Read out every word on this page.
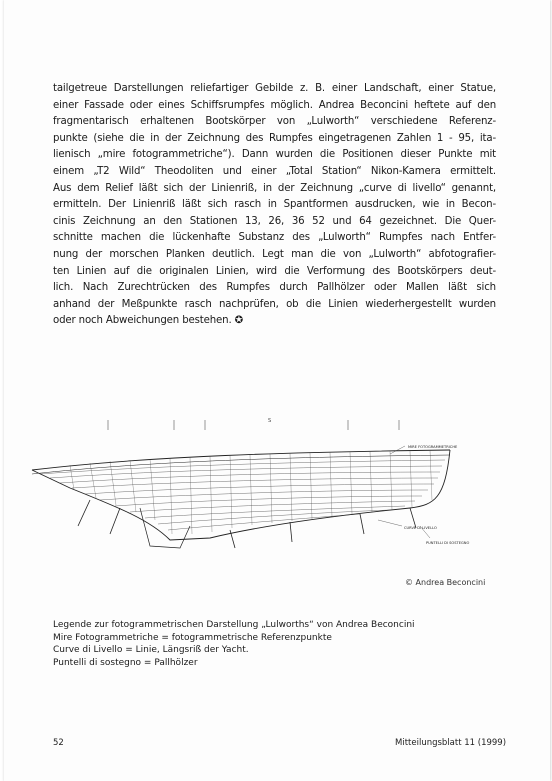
tailgetreue Darstellungen reliefartiger Gebilde z. B. einer Landschaft, einer Statue,
einer Fassade oder eines Schiffsrumpfes möglich. Andrea Beconcini heftete auf den
fragmentarisch erhaltenen Bootskörper von „Lulworth“ verschiedene Referenz-
punkte (siehe die in der Zeichnung des Rumpfes eingetragenen Zahlen 1 - 95, ita-
lienisch „mire fotogrammetriche“). Dann wurden die Positionen dieser Punkte mit
einem „T2 Wild“ Theodoliten und einer „Total Station“ Nikon-Kamera ermittelt.
Aus dem Relief läßt sich der Linienriß, in der Zeichnung „curve di livello“ genannt,
ermitteln. Der Linienriß läßt sich rasch in Spantformen ausdrucken, wie in Becon-
cinis Zeichnung an den Stationen 13, 26, 36 52 und 64 gezeichnet. Die Quer-
schnitte machen die lückenhafte Substanz des „Lulworth“ Rumpfes nach Entfer-
nung der morschen Planken deutlich. Legt man die von „Lulworth“ abfotografier-
ten Linien auf die originalen Linien, wird die Verformung des Bootskörpers deut-
lich. Nach Zurechtrücken des Rumpfes durch Pallhölzer oder Mallen läßt sich
anhand der Meßpunkte rasch nachprüfen, ob die Linien wiederhergestellt wurden
oder noch Abweichungen bestehen. ✪
S
MIRE FOTOGRAMMETRICHE
CURVE DI LIVELLO
PUNTELLI DI SOSTEGNO
© Andrea Beconcini
Legende zur fotogrammetrischen Darstellung „Lulworths“ von Andrea Beconcini
Mire Fotogrammetriche = fotogrammetrische Referenzpunkte
Curve di Livello = Linie, Längsriß der Yacht.
Puntelli di sostegno = Pallhölzer
52	Mitteilungsblatt 11 (1999)
